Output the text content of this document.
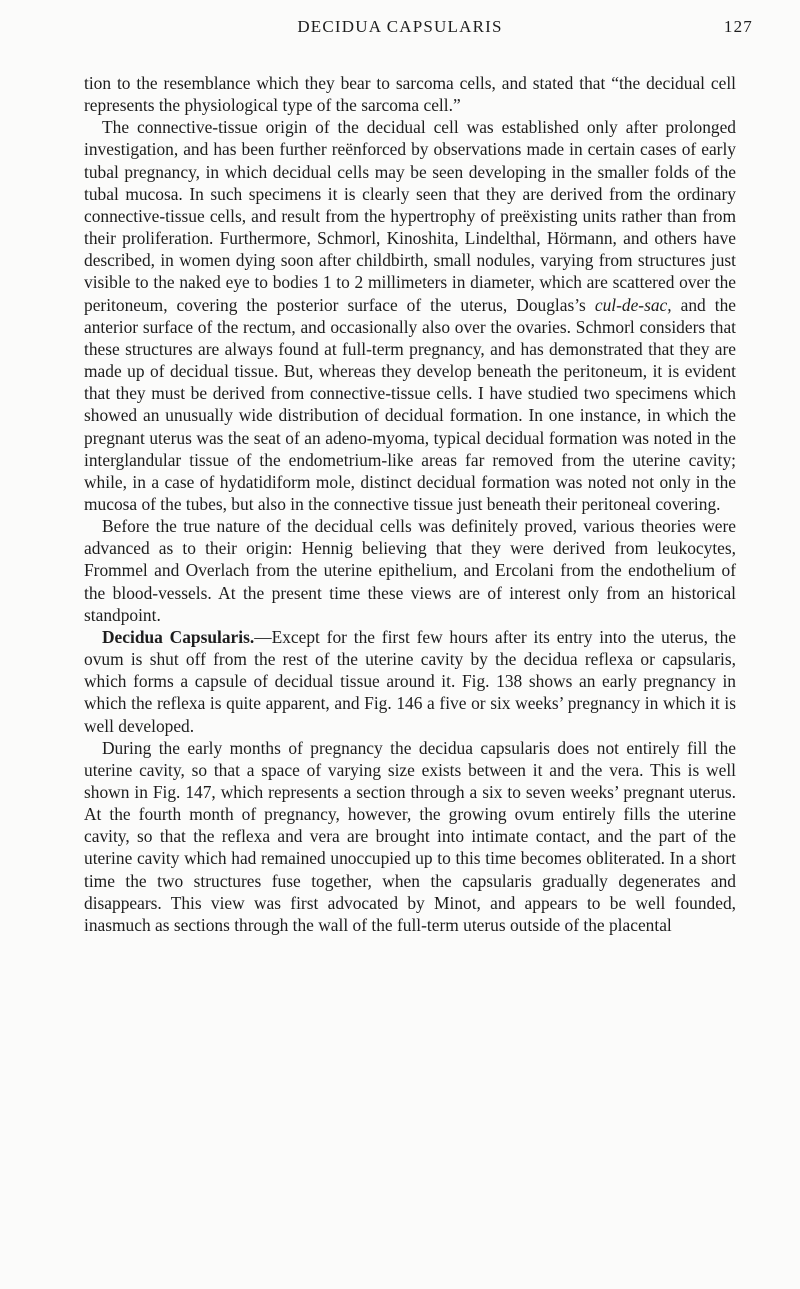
DECIDUA CAPSULARIS	127

tion to the resemblance which they bear to sarcoma cells, and stated that “the decidual cell represents the physiological type of the sarcoma cell.”

The connective-tissue origin of the decidual cell was established only after prolonged investigation, and has been further reënforced by observations made in certain cases of early tubal pregnancy, in which decidual cells may be seen developing in the smaller folds of the tubal mucosa. In such specimens it is clearly seen that they are derived from the ordinary connective-tissue cells, and result from the hypertrophy of preëxisting units rather than from their proliferation. Furthermore, Schmorl, Kinoshita, Lindelthal, Hörmann, and others have described, in women dying soon after childbirth, small nodules, varying from structures just visible to the naked eye to bodies 1 to 2 millimeters in diameter, which are scattered over the peritoneum, covering the posterior surface of the uterus, Douglas’s cul-de-sac, and the anterior surface of the rectum, and occasionally also over the ovaries. Schmorl considers that these structures are always found at full-term pregnancy, and has demonstrated that they are made up of decidual tissue. But, whereas they develop beneath the peritoneum, it is evident that they must be derived from connective-tissue cells. I have studied two specimens which showed an unusually wide distribution of decidual formation. In one instance, in which the pregnant uterus was the seat of an adeno-myoma, typical decidual formation was noted in the interglandular tissue of the endometrium-like areas far removed from the uterine cavity; while, in a case of hydatidiform mole, distinct decidual formation was noted not only in the mucosa of the tubes, but also in the connective tissue just beneath their peritoneal covering.

Before the true nature of the decidual cells was definitely proved, various theories were advanced as to their origin: Hennig believing that they were derived from leukocytes, Frommel and Overlach from the uterine epithelium, and Ercolani from the endothelium of the blood-vessels. At the present time these views are of interest only from an historical standpoint.

Decidua Capsularis.—Except for the first few hours after its entry into the uterus, the ovum is shut off from the rest of the uterine cavity by the decidua reflexa or capsularis, which forms a capsule of decidual tissue around it. Fig. 138 shows an early pregnancy in which the reflexa is quite apparent, and Fig. 146 a five or six weeks’ pregnancy in which it is well developed.

During the early months of pregnancy the decidua capsularis does not entirely fill the uterine cavity, so that a space of varying size exists between it and the vera. This is well shown in Fig. 147, which represents a section through a six to seven weeks’ pregnant uterus. At the fourth month of pregnancy, however, the growing ovum entirely fills the uterine cavity, so that the reflexa and vera are brought into intimate contact, and the part of the uterine cavity which had remained unoccupied up to this time becomes obliterated. In a short time the two structures fuse together, when the capsularis gradually degenerates and disappears. This view was first advocated by Minot, and appears to be well founded, inasmuch as sections through the wall of the full-term uterus outside of the placental
